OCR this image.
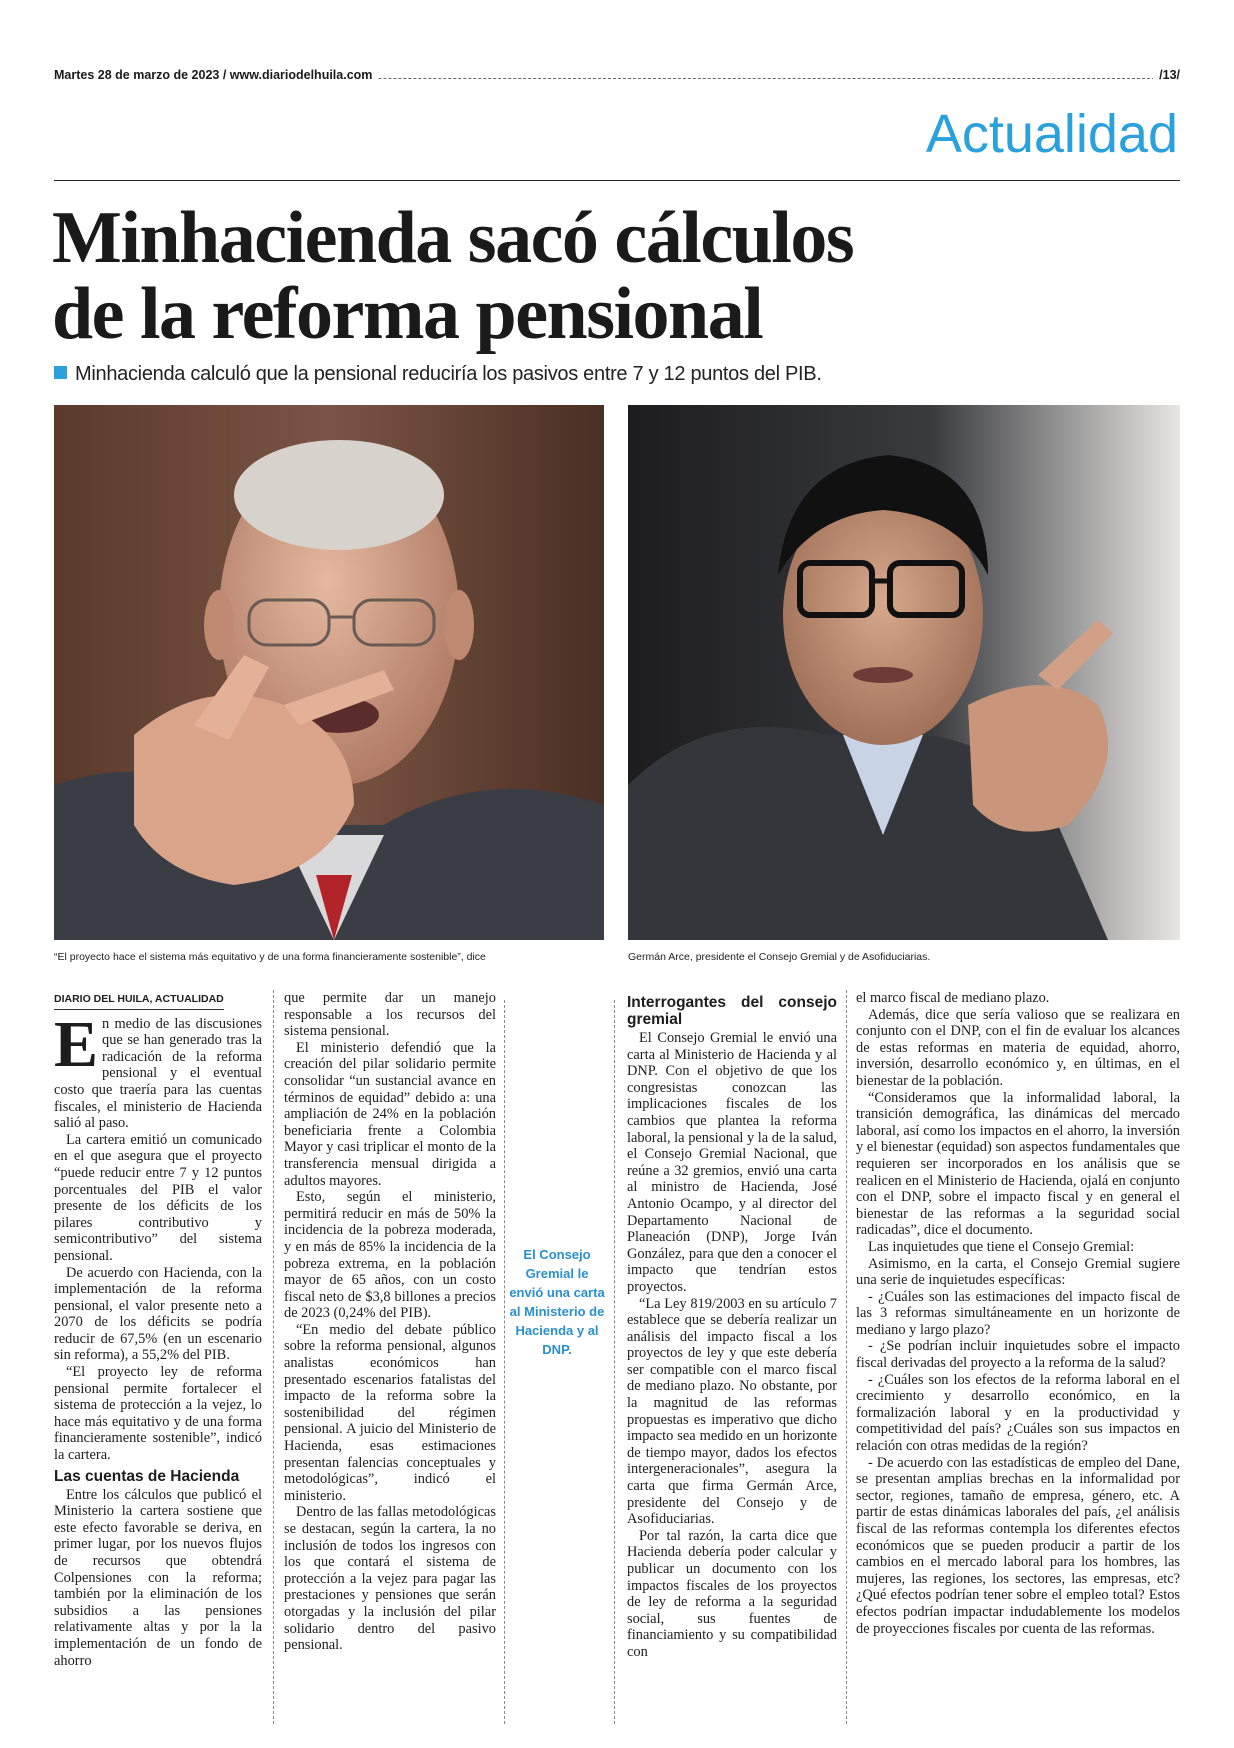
Martes 28 de marzo de 2023 / www.diariodelhuila.com	/13/
Actualidad
Minhacienda sacó cálculos
de la reforma pensional
Minhacienda calculó que la pensional reduciría los pasivos entre 7 y 12 puntos del PIB.
“El proyecto hace el sistema más equitativo y de una forma financieramente sostenible”, dice	Germán Arce, presidente el Consejo Gremial y de Asofiduciarias.
DIARIO DEL HUILA, ACTUALIDAD

En medio de las discusiones que se han generado tras la radicación de la reforma pensional y el eventual costo que traería para las cuentas fiscales, el ministerio de Hacienda salió al paso.

La cartera emitió un comunicado en el que asegura que el proyecto “puede reducir entre 7 y 12 puntos porcentuales del PIB el valor presente de los déficits de los pilares contributivo y semicontributivo” del sistema pensional.

De acuerdo con Hacienda, con la implementación de la reforma pensional, el valor presente neto a 2070 de los déficits se podría reducir de 67,5% (en un escenario sin reforma), a 55,2% del PIB.

“El proyecto ley de reforma pensional permite fortalecer el sistema de protección a la vejez, lo hace más equitativo y de una forma financieramente sostenible”, indicó la cartera.

Las cuentas de Hacienda

Entre los cálculos que publicó el Ministerio la cartera sostiene que este efecto favorable se deriva, en primer lugar, por los nuevos flujos de recursos que obtendrá Colpensiones con la reforma; también por la eliminación de los subsidios a las pensiones relativamente altas y por la la implementación de un fondo de ahorro

que permite dar un manejo responsable a los recursos del sistema pensional.

El ministerio defendió que la creación del pilar solidario permite consolidar “un sustancial avance en términos de equidad” debido a: una ampliación de 24% en la población beneficiaria frente a Colombia Mayor y casi triplicar el monto de la transferencia mensual dirigida a adultos mayores.

Esto, según el ministerio, permitirá reducir en más de 50% la incidencia de la pobreza moderada, y en más de 85% la incidencia de la pobreza extrema, en la población mayor de 65 años, con un costo fiscal neto de $3,8 billones a precios de 2023 (0,24% del PIB).

“En medio del debate público sobre la reforma pensional, algunos analistas económicos han presentado escenarios fatalistas del impacto de la reforma sobre la sostenibilidad del régimen pensional. A juicio del Ministerio de Hacienda, esas estimaciones presentan falencias conceptuales y metodológicas”, indicó el ministerio.

Dentro de las fallas metodológicas se destacan, según la cartera, la no inclusión de todos los ingresos con los que contará el sistema de protección a la vejez para pagar las prestaciones y pensiones que serán otorgadas y la inclusión del pilar solidario dentro del pasivo pensional.

El Consejo Gremial le envió una carta al Ministerio de Hacienda y al DNP.
Interrogantes del consejo gremial

El Consejo Gremial le envió una carta al Ministerio de Hacienda y al DNP. Con el objetivo de que los congresistas conozcan las implicaciones fiscales de los cambios que plantea la reforma laboral, la pensional y la de la salud, el Consejo Gremial Nacional, que reúne a 32 gremios, envió una carta al ministro de Hacienda, José Antonio Ocampo, y al director del Departamento Nacional de Planeación (DNP), Jorge Iván González, para que den a conocer el impacto que tendrían estos proyectos.

“La Ley 819/2003 en su artículo 7 establece que se debería realizar un análisis del impacto fiscal a los proyectos de ley y que este debería ser compatible con el marco fiscal de mediano plazo. No obstante, por la magnitud de las reformas propuestas es imperativo que dicho impacto sea medido en un horizonte de tiempo mayor, dados los efectos intergeneracionales”, asegura la carta que firma Germán Arce, presidente del Consejo y de Asofiduciarias.

Por tal razón, la carta dice que Hacienda debería poder calcular y publicar un documento con los impactos fiscales de los proyectos de ley de reforma a la seguridad social, sus fuentes de financiamiento y su compatibilidad con

el marco fiscal de mediano plazo.

Además, dice que sería valioso que se realizara en conjunto con el DNP, con el fin de evaluar los alcances de estas reformas en materia de equidad, ahorro, inversión, desarrollo económico y, en últimas, en el bienestar de la población.

“Consideramos que la informalidad laboral, la transición demográfica, las dinámicas del mercado laboral, así como los impactos en el ahorro, la inversión y el bienestar (equidad) son aspectos fundamentales que requieren ser incorporados en los análisis que se realicen en el Ministerio de Hacienda, ojalá en conjunto con el DNP, sobre el impacto fiscal y en general el bienestar de las reformas a la seguridad social radicadas”, dice el documento.

Las inquietudes que tiene el Consejo Gremial:

Asimismo, en la carta, el Consejo Gremial sugiere una serie de inquietudes específicas:

- ¿Cuáles son las estimaciones del impacto fiscal de las 3 reformas simultáneamente en un horizonte de mediano y largo plazo?

- ¿Se podrían incluir inquietudes sobre el impacto fiscal derivadas del proyecto a la reforma de la salud?

- ¿Cuáles son los efectos de la reforma laboral en el crecimiento y desarrollo económico, en la formalización laboral y en la productividad y competitividad del país? ¿Cuáles son sus impactos en relación con otras medidas de la región?

- De acuerdo con las estadísticas de empleo del Dane, se presentan amplias brechas en la informalidad por sector, regiones, tamaño de empresa, género, etc. A partir de estas dinámicas laborales del país, ¿el análisis fiscal de las reformas contempla los diferentes efectos económicos que se pueden producir a partir de los cambios en el mercado laboral para los hombres, las mujeres, las regiones, los sectores, las empresas, etc? ¿Qué efectos podrían tener sobre el empleo total? Estos efectos podrían impactar indudablemente los modelos de proyecciones fiscales por cuenta de las reformas.
